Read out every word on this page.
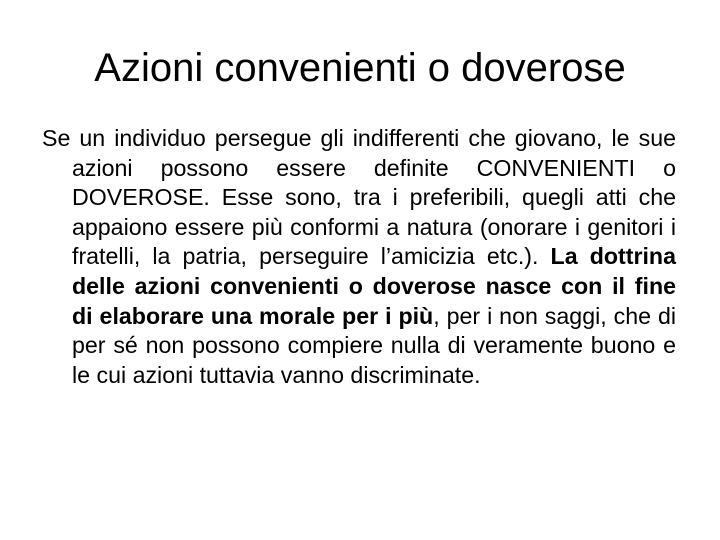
Azioni convenienti o doverose

Se un individuo persegue gli indifferenti che giovano, le sue azioni possono essere definite CONVENIENTI o DOVEROSE. Esse sono, tra i preferibili, quegli atti che appaiono essere più conformi a natura (onorare i genitori i fratelli, la patria, perseguire l’amicizia etc.). La dottrina delle azioni convenienti o doverose nasce con il fine di elaborare una morale per i più, per i non saggi, che di per sé non possono compiere nulla di veramente buono e le cui azioni tuttavia vanno discriminate.
